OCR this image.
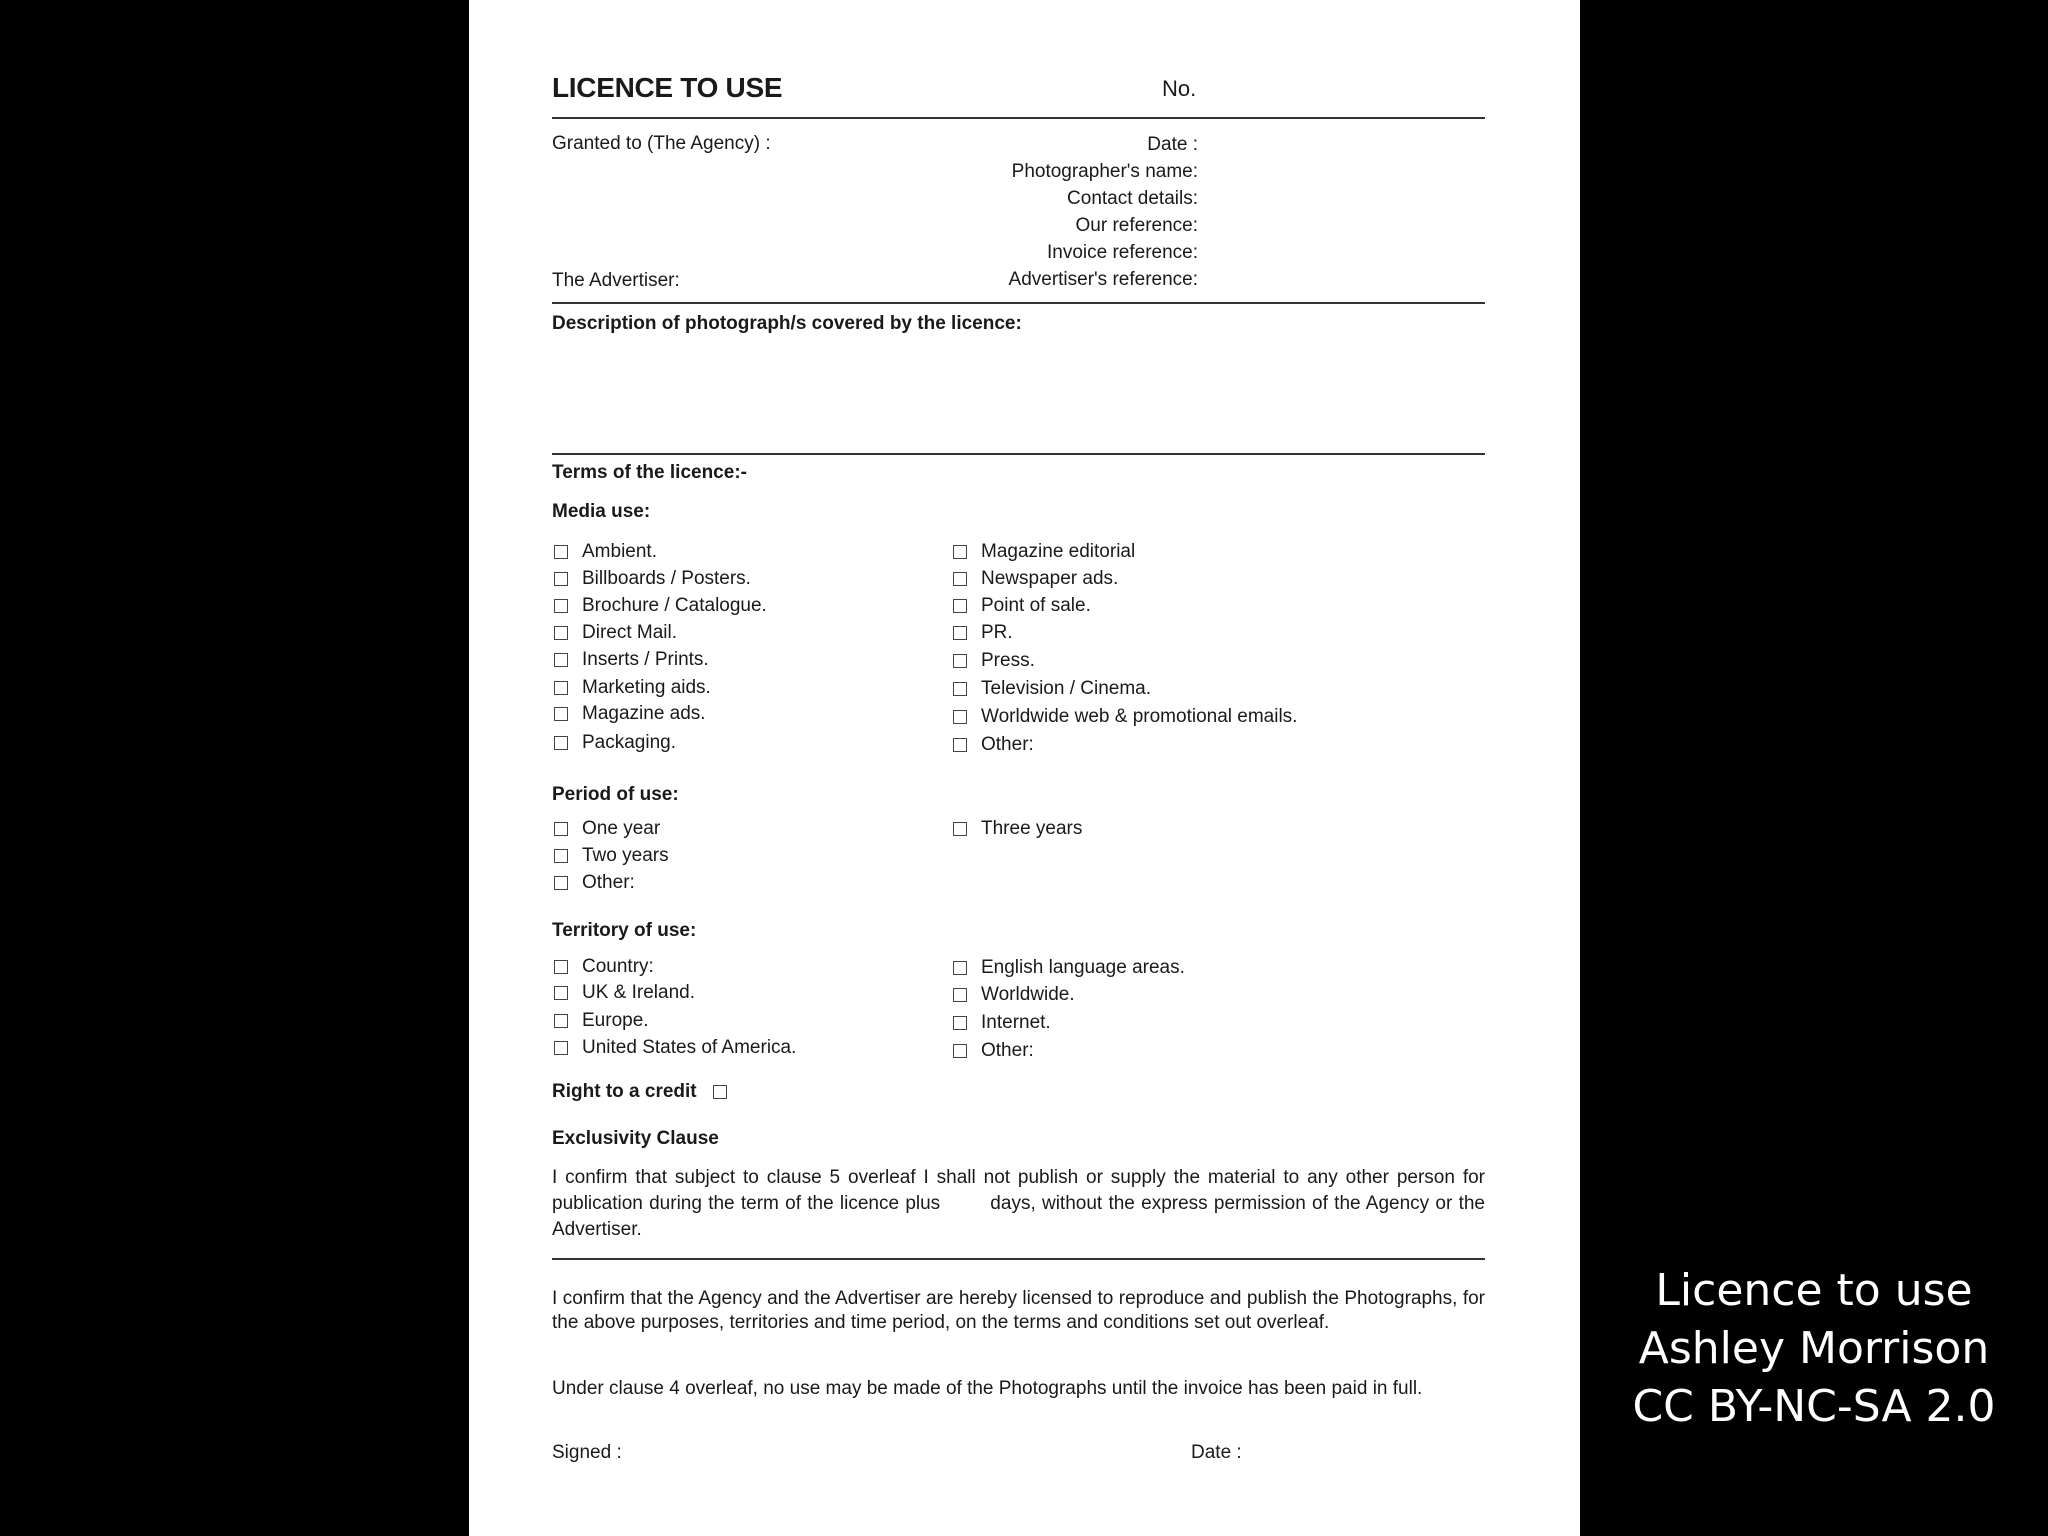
LICENCE TO USE	No.
Granted to (The Agency) :
The Advertiser:
Date :
Photographer's name:
Contact details:
Our reference:
Invoice reference:
Advertiser's reference:
Description of photograph/s covered by the licence:
Terms of the licence:-
Media use:
Ambient.
Billboards / Posters.
Brochure / Catalogue.
Direct Mail.
Inserts / Prints.
Marketing aids.
Magazine ads.
Packaging.
Magazine editorial
Newspaper ads.
Point of sale.
PR.
Press.
Television / Cinema.
Worldwide web & promotional emails.
Other:
Period of use:
One year
Two years
Other:
Three years
Territory of use:
Country:
UK & Ireland.
Europe.
United States of America.
English language areas.
Worldwide.
Internet.
Other:
Right to a credit
Exclusivity Clause
I confirm that subject to clause 5 overleaf I shall not publish or supply the material to any other person for publication during the term of the licence plus        days, without the express permission of the Agency or the Advertiser.
I confirm that the Agency and the Advertiser are hereby licensed to reproduce and publish the Photographs, for the above purposes, territories and time period, on the terms and conditions set out overleaf.
Under clause 4 overleaf, no use may be made of the Photographs until the invoice has been paid in full.
Signed :	Date :
Licence to use
Ashley Morrison
CC BY-NC-SA 2.0
